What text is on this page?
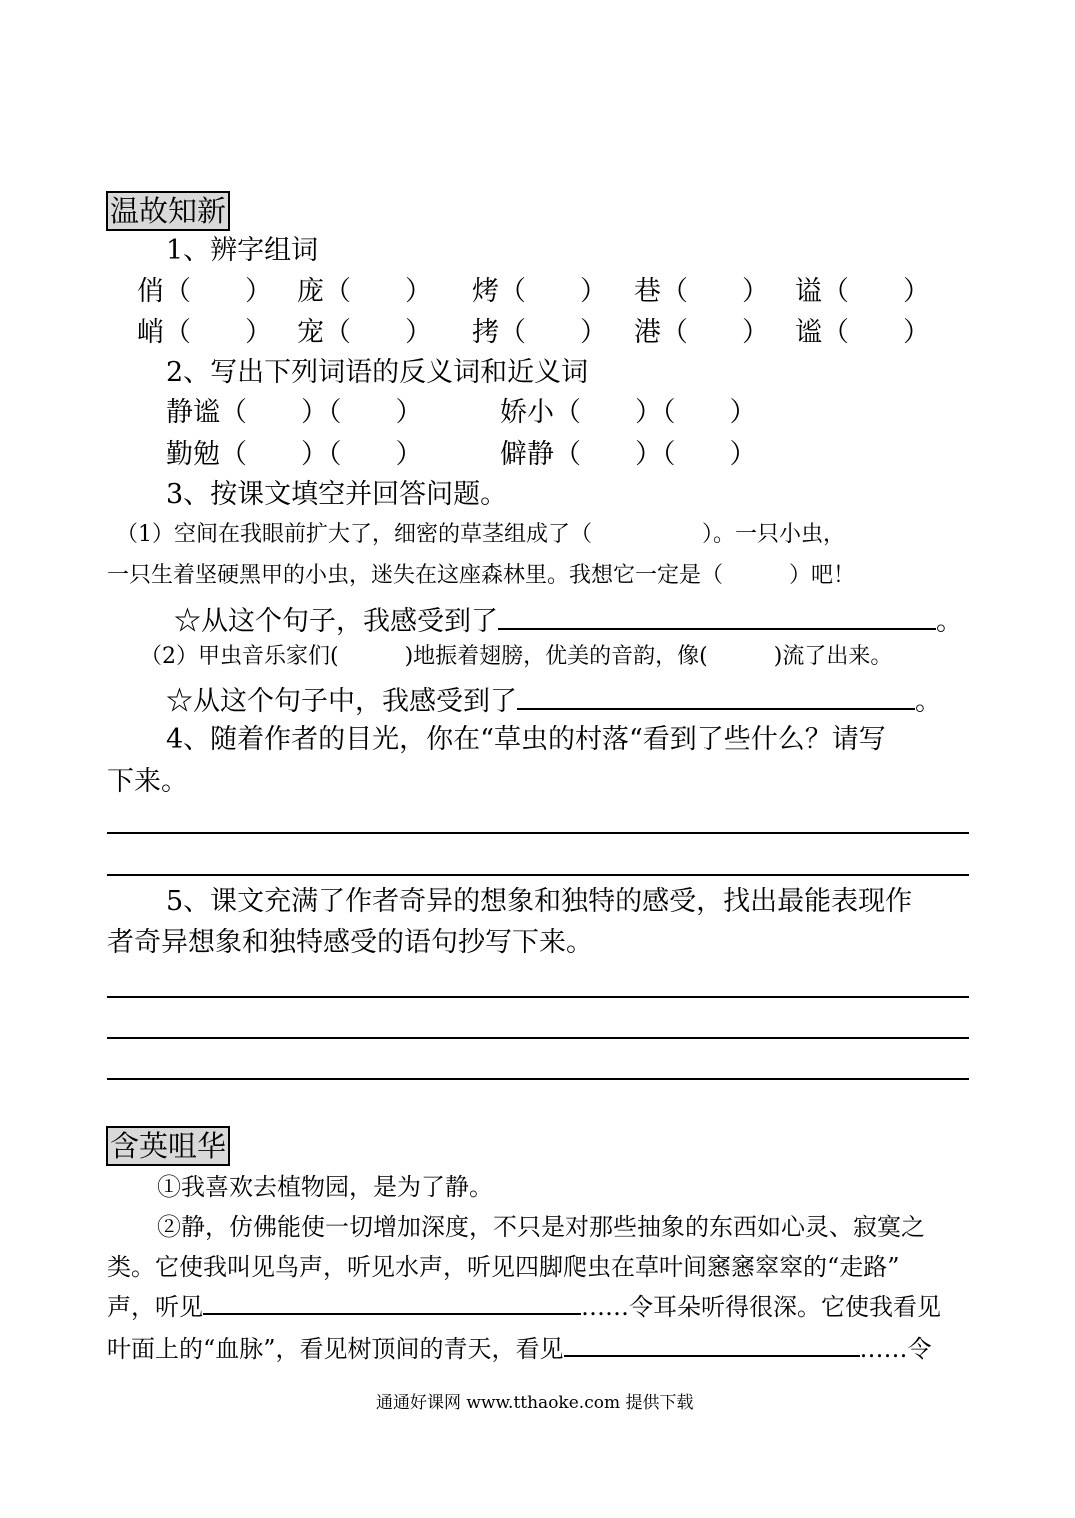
温故知新
1、辨字组词
俏（　　） 庞（　　） 烤（　　） 巷（　　） 谥（　　）
峭（　　） 宠（　　） 拷（　　） 港（　　） 谧（　　）
2、写出下列词语的反义词和近义词
静谧（　　）（　　）	娇小（　　）（　　）
勤勉（　　）（　　）	僻静（　　）（　　）
3、按课文填空并回答问题。
（1）空间在我眼前扩大了，细密的草茎组成了（　　　　　）。一只小虫，
一只生着坚硬黑甲的小虫，迷失在这座森林里。我想它一定是（　　　）吧！
☆从这个句子，我感受到了	。
（2）甲虫音乐家们(　　　)地振着翅膀，优美的音韵，像(　　　)流了出来。
☆从这个句子中，我感受到了	。
4、随着作者的目光，你在“草虫的村落“看到了些什么？请写
下来。
5、课文充满了作者奇异的想象和独特的感受，找出最能表现作
者奇异想象和独特感受的语句抄写下来。
含英咀华
①我喜欢去植物园，是为了静。
②静，仿佛能使一切增加深度，不只是对那些抽象的东西如心灵、寂寞之
类。它使我叫见鸟声，听见水声，听见四脚爬虫在草叶间窸窸窣窣的“走路”
声，听见	……令耳朵听得很深。它使我看见
叶面上的“血脉”，看见树顶间的青天，看见	……令
通通好课网 www.tthaoke.com 提供下载
